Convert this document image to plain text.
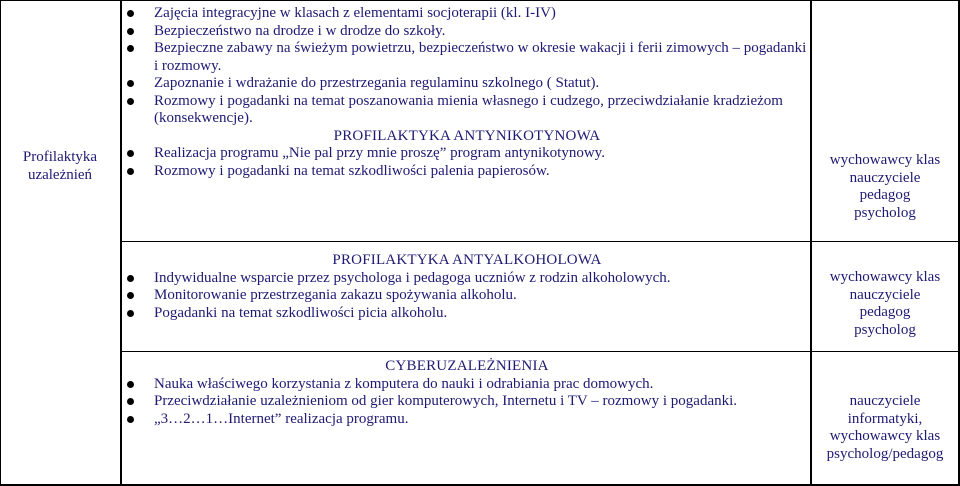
Profilaktyka
uzależnień
Zajęcia integracyjne w klasach z elementami socjoterapii (kl. I-IV)
Bezpieczeństwo na drodze i w drodze do szkoły.
Bezpieczne zabawy na świeżym powietrzu, bezpieczeństwo w okresie wakacji i ferii zimowych – pogadanki i rozmowy.
Zapoznanie i wdrażanie do przestrzegania regulaminu szkolnego ( Statut).
Rozmowy i pogadanki na temat poszanowania mienia własnego i cudzego, przeciwdziałanie kradzieżom (konsekwencje).
PROFILAKTYKA ANTYNIKOTYNOWA
Realizacja programu „Nie pal przy mnie proszę” program antynikotynowy.
Rozmowy i pogadanki na temat szkodliwości palenia papierosów.
wychowawcy klas
nauczyciele
pedagog
psycholog
PROFILAKTYKA ANTYALKOHOLOWA
Indywidualne wsparcie przez psychologa i pedagoga uczniów z rodzin alkoholowych.
Monitorowanie przestrzegania zakazu spożywania alkoholu.
Pogadanki na temat szkodliwości picia alkoholu.
wychowawcy klas
nauczyciele
pedagog
psycholog
CYBERUZALEŻNIENIA
Nauka właściwego korzystania z komputera do nauki i odrabiania prac domowych.
Przeciwdziałanie uzależnieniom od gier komputerowych, Internetu i TV – rozmowy i pogadanki.
„3…2…1…Internet” realizacja programu.
nauczyciele
informatyki,
wychowawcy klas
psycholog/pedagog
